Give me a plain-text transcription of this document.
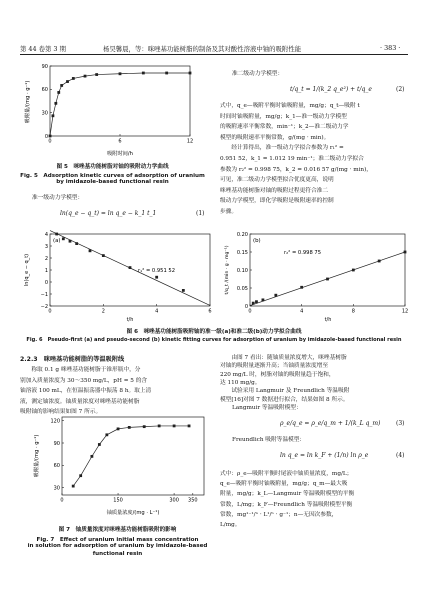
第 44 卷第 3 期	杨昊馨晨，等：咪唑基功能树脂的制备及其对酸性溶液中铀的吸附性能	· 383 ·
吸附量/(mg · g⁻¹)
吸附时间/h
0	6	12
0
30
60
90
图 5　咪唑基功能树脂对铀的吸附动力学曲线
Fig. 5　Adsorption kinetic curves of adsorption of uranium
by imidazole-based functional resin
准一级动力学模型：
ln(q_e − q_t) = ln q_e − k_1 t_1	(1)
准二级动力学模型：
t/q_t = 1/(k_2 q_e²) + t/q_e	(2)
式中，q_e—吸附平衡时铀吸附量，mg/g；q_t—吸附 t
时间时铀吸附量，mg/g；k_1—准一级动力学模型
的吸附速率平衡常数，min⁻¹；k_2—准二级动力学
模型的吸附速率平衡常数，g/(mg · min)。
　　经计算得出，准一级动力学拟合参数为 r₁² =
0.951 52，k_1 = 1.012 19 min⁻¹；准二级动力学拟合
参数为 r₂² = 0.998 75，k_2 = 0.016 57 g/(mg · min)，
可见，准二级动力学模型拟合优度更高，说明
咪唑基功能树脂对铀的吸附过程更符合准二
级动力学模型，即化学吸附是吸附速率的控制
步骤。
(a)
r₁² = 0.951 52
ln(q_e − q_t)
t/h
0	2	4	6
−2
−1
0
1
2
3
4
(b)
r₂² = 0.998 75
t/q_t /(min · g · mg⁻¹)
t/h
0	4	8	12
0
0.05
0.10
0.15
0.20
图 6　咪唑基功能树脂吸附铀的准一级(a)和准二级(b)动力学拟合曲线
Fig. 6　Pseudo-first (a) and pseudo-second (b) kinetic fitting curves for adsorption of uranium by imidazole-based functional resin
2.2.3　咪唑基功能树脂的等温吸附线
　　称取 0.1 g 咪唑基功能树脂于锥形瓶中，分
别加入质量浓度为 30～350 mg/L，pH = 5 的含
铀溶液 100 mL，在恒温振荡器中振荡 8 h。取上清
液，测定铀浓度。铀质量浓度对咪唑基功能树脂
吸附铀的影响结果如图 7 所示。
吸附量/(mg · g⁻¹)
铀质量浓度/(mg · L⁻¹)
0	150	300 350
30
60
90
120
图 7　铀质量浓度对咪唑基功能树脂吸附的影响
Fig. 7　Effect of uranium initial mass concentration
in solution for adsorption of uranium by imidazole-based
functional resin
　　由图 7 看出：随铀质量浓度增大，咪唑基树脂
对铀的吸附量逐渐升高；当铀质量浓度增至
220 mg/L 时，树脂对铀的吸附量趋于饱和，
达 110 mg/g。
　　试验采用 Langmuir 及 Freundlich 等温吸附
模型[16]对图 7 数据进行拟合，结果如图 8 所示。
Langmuir 等温吸附模型：
ρ_e/q_e = ρ_e/q_m + 1/(k_L q_m)	(3)
Freundlich 吸附等温模型：
ln q_e = ln k_F + (1/n) ln ρ_e	(4)
式中：ρ_e—吸附平衡时尾液中铀质量浓度，mg/L；
q_e—吸附平衡时铀吸附量，mg/g；q_m—最大吸
附量，mg/g；k_L—Langmuir 等温吸附模型的平衡
常数，L/mg；k_F—Freundlich 等温吸附模型平衡
常数，mg¹⁻¹/ⁿ · L¹/ⁿ · g⁻¹；n—无因次参数，
L/mg。
